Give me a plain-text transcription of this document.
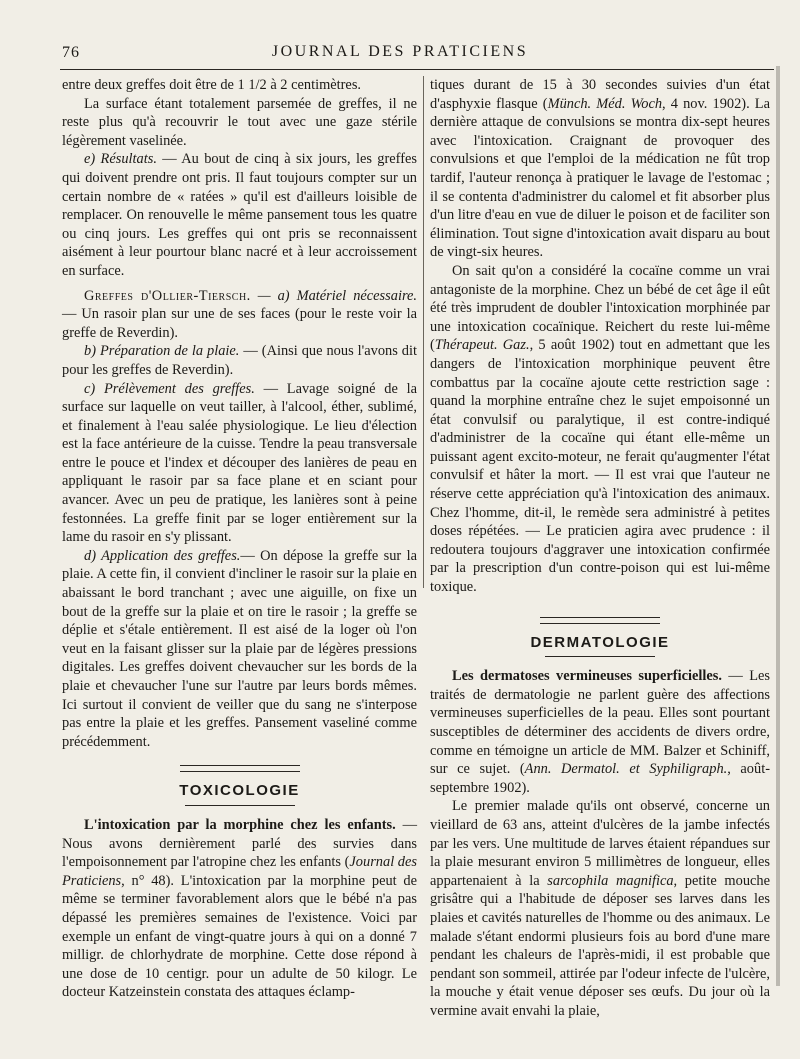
76	JOURNAL DES PRATICIENS

entre deux greffes doit être de 1 1/2 à 2 centimètres.

La surface étant totalement parsemée de greffes, il ne reste plus qu'à recouvrir le tout avec une gaze stérile légèrement vaselinée.

e) Résultats. — Au bout de cinq à six jours, les greffes qui doivent prendre ont pris. Il faut toujours compter sur un certain nombre de « ratées » qu'il est d'ailleurs loisible de remplacer. On renouvelle le même pansement tous les quatre ou cinq jours. Les greffes qui ont pris se reconnaissent aisément à leur pourtour blanc nacré et à leur accroissement en surface.

Greffes d'Ollier-Tiersch. — a) Matériel nécessaire. — Un rasoir plan sur une de ses faces (pour le reste voir la greffe de Reverdin).

b) Préparation de la plaie. — (Ainsi que nous l'avons dit pour les greffes de Reverdin).

c) Prélèvement des greffes. — Lavage soigné de la surface sur laquelle on veut tailler, à l'alcool, éther, sublimé, et finalement à l'eau salée physiologique. Le lieu d'élection est la face antérieure de la cuisse. Tendre la peau transversale entre le pouce et l'index et découper des lanières de peau en appliquant le rasoir par sa face plane et en sciant pour avancer. Avec un peu de pratique, les lanières sont à peine festonnées. La greffe finit par se loger entièrement sur la lame du rasoir en s'y plissant.

d) Application des greffes.— On dépose la greffe sur la plaie. A cette fin, il convient d'incliner le rasoir sur la plaie en abaissant le bord tranchant ; avec une aiguille, on fixe un bout de la greffe sur la plaie et on tire le rasoir ; la greffe se déplie et s'étale entièrement. Il est aisé de la loger où l'on veut en la faisant glisser sur la plaie par de légères pressions digitales. Les greffes doivent chevaucher sur les bords de la plaie et chevaucher l'une sur l'autre par leurs bords mêmes. Ici surtout il convient de veiller que du sang ne s'interpose pas entre la plaie et les greffes. Pansement vaseliné comme précédemment.

TOXICOLOGIE

L'intoxication par la morphine chez les enfants. — Nous avons dernièrement parlé des survies dans l'empoisonnement par l'atropine chez les enfants (Journal des Praticiens, n° 48). L'intoxication par la morphine peut de même se terminer favorablement alors que le bébé n'a pas dépassé les premières semaines de l'existence. Voici par exemple un enfant de vingt-quatre jours à qui on a donné 7 milligr. de chlorhydrate de morphine. Cette dose répond à une dose de 10 centigr. pour un adulte de 50 kilogr. Le docteur Katzeinstein constata des attaques éclamp-

tiques durant de 15 à 30 secondes suivies d'un état d'asphyxie flasque (Münch. Méd. Woch, 4 nov. 1902). La dernière attaque de convulsions se montra dix-sept heures avec l'intoxication. Craignant de provoquer des convulsions et que l'emploi de la médication ne fût trop tardif, l'auteur renonça à pratiquer le lavage de l'estomac ; il se contenta d'administrer du calomel et fit absorber plus d'un litre d'eau en vue de diluer le poison et de faciliter son élimination. Tout signe d'intoxication avait disparu au bout de vingt-six heures.

On sait qu'on a considéré la cocaïne comme un vrai antagoniste de la morphine. Chez un bébé de cet âge il eût été très imprudent de doubler l'intoxication morphinée par une intoxication cocaïnique. Reichert du reste lui-même (Thérapeut. Gaz., 5 août 1902) tout en admettant que les dangers de l'intoxication morphinique peuvent être combattus par la cocaïne ajoute cette restriction sage : quand la morphine entraîne chez le sujet empoisonné un état convulsif ou paralytique, il est contre-indiqué d'administrer de la cocaïne qui étant elle-même un puissant agent excito-moteur, ne ferait qu'augmenter l'état convulsif et hâter la mort. — Il est vrai que l'auteur ne réserve cette appréciation qu'à l'intoxication des animaux. Chez l'homme, dit-il, le remède sera administré à petites doses répétées. — Le praticien agira avec prudence : il redoutera toujours d'aggraver une intoxication confirmée par la prescription d'un contre-poison qui est lui-même toxique.

DERMATOLOGIE

Les dermatoses vermineuses superficielles. — Les traités de dermatologie ne parlent guère des affections vermineuses superficielles de la peau. Elles sont pourtant susceptibles de déterminer des accidents de divers ordre, comme en témoigne un article de MM. Balzer et Schiniff, sur ce sujet. (Ann. Dermatol. et Syphiligraph., août-septembre 1902).

Le premier malade qu'ils ont observé, concerne un vieillard de 63 ans, atteint d'ulcères de la jambe infectés par les vers. Une multitude de larves étaient répandues sur la plaie mesurant environ 5 millimètres de longueur, elles appartenaient à la sarcophila magnifica, petite mouche grisâtre qui a l'habitude de déposer ses larves dans les plaies et cavités naturelles de l'homme ou des animaux. Le malade s'étant endormi plusieurs fois au bord d'une mare pendant les chaleurs de l'après-midi, il est probable que pendant son sommeil, attirée par l'odeur infecte de l'ulcère, la mouche y était venue déposer ses œufs. Du jour où la vermine avait envahi la plaie,
